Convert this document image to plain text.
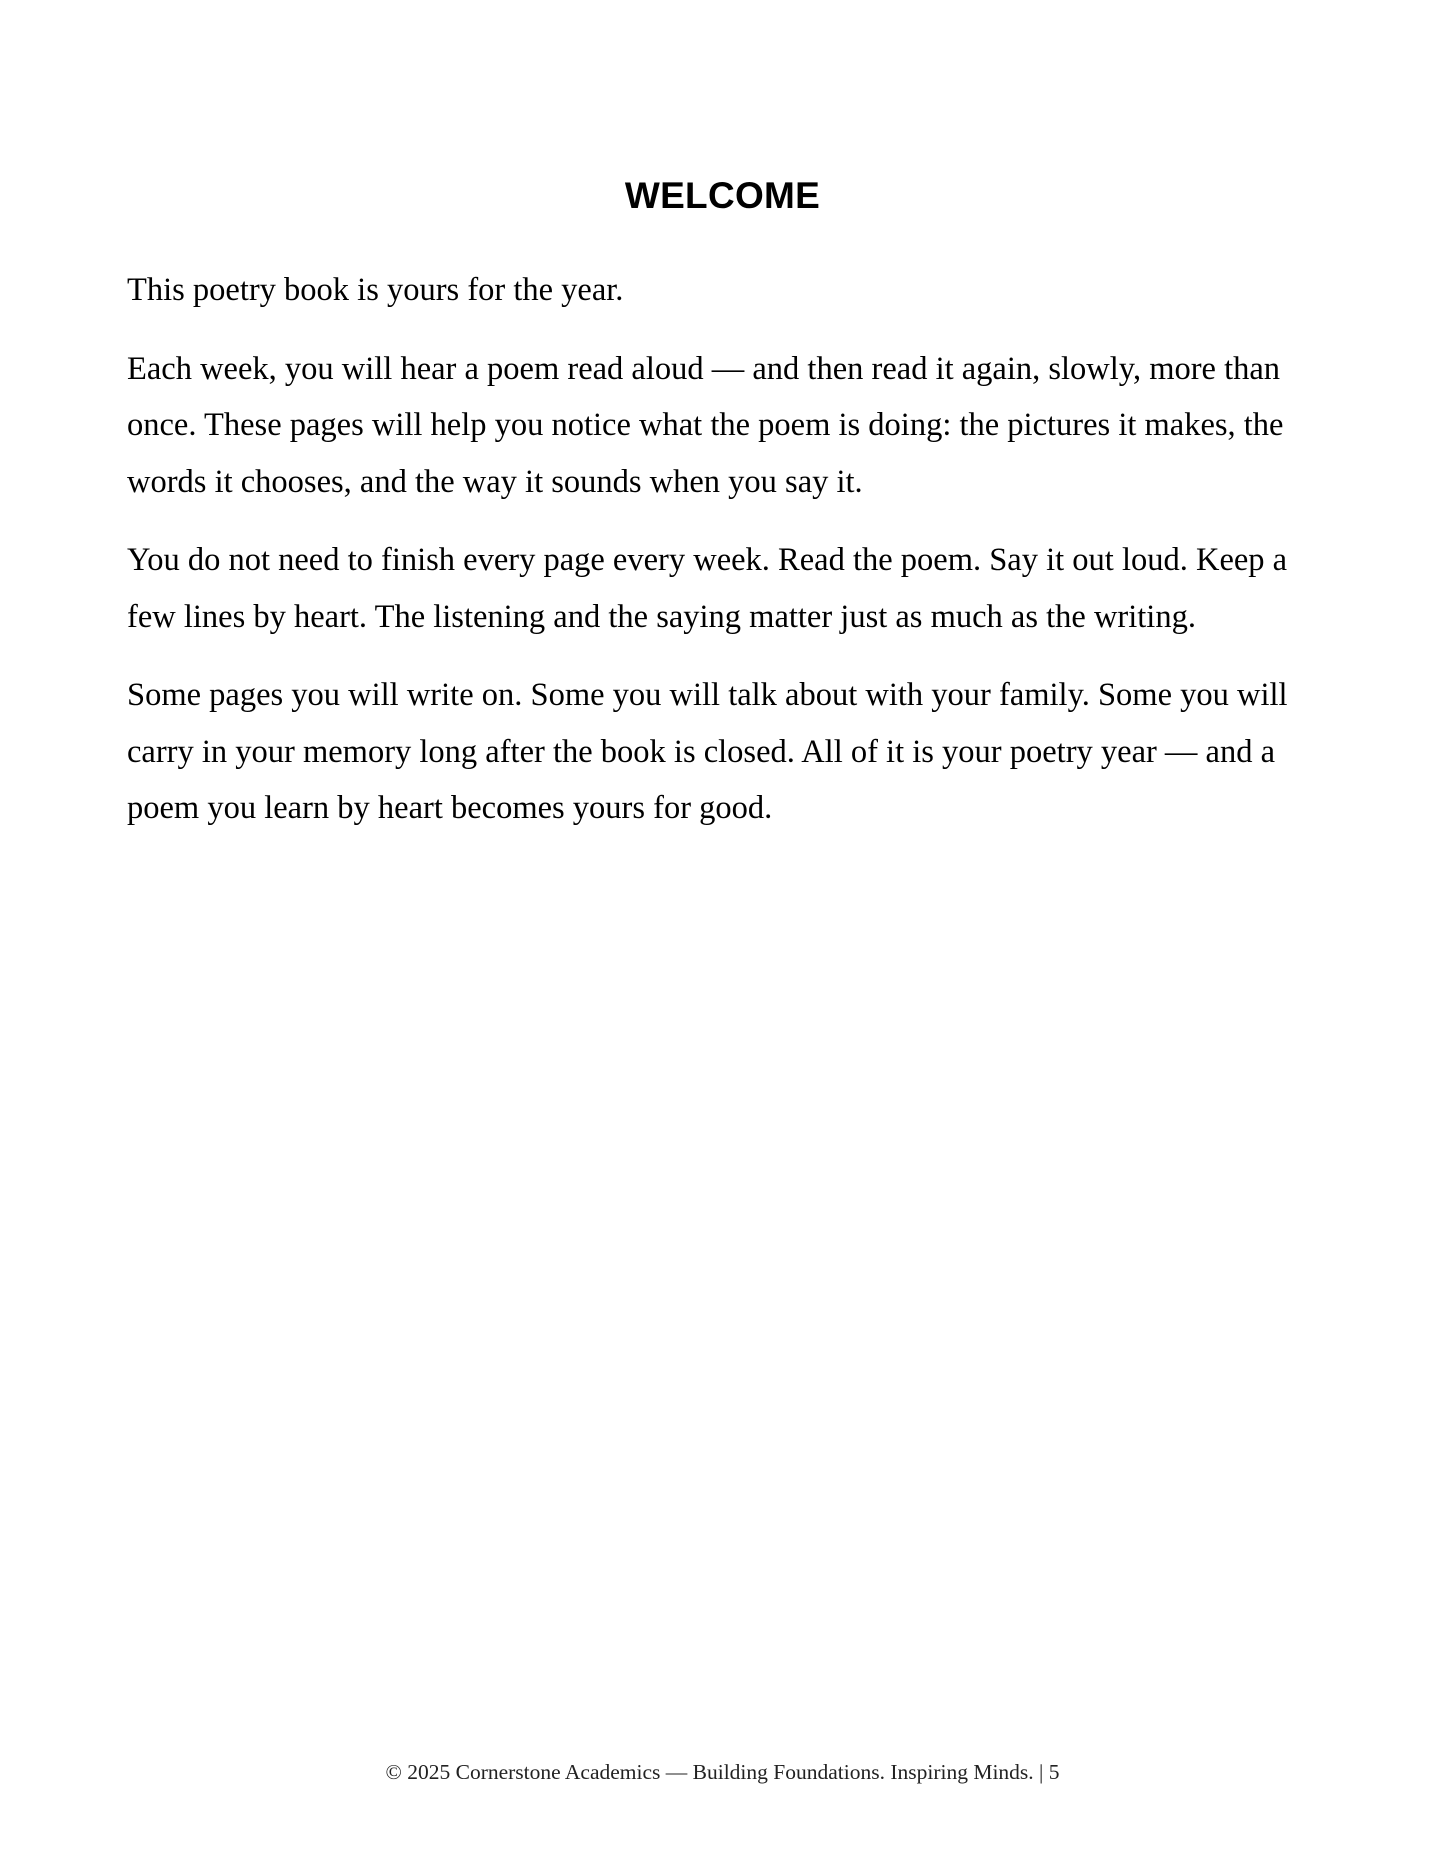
WELCOME

This poetry book is yours for the year.

Each week, you will hear a poem read aloud — and then read it again, slowly, more than once. These pages will help you notice what the poem is doing: the pictures it makes, the words it chooses, and the way it sounds when you say it.

You do not need to finish every page every week. Read the poem. Say it out loud. Keep a few lines by heart. The listening and the saying matter just as much as the writing.

Some pages you will write on. Some you will talk about with your family. Some you will carry in your memory long after the book is closed. All of it is your poetry year — and a poem you learn by heart becomes yours for good.

© 2025 Cornerstone Academics — Building Foundations. Inspiring Minds. | 5
